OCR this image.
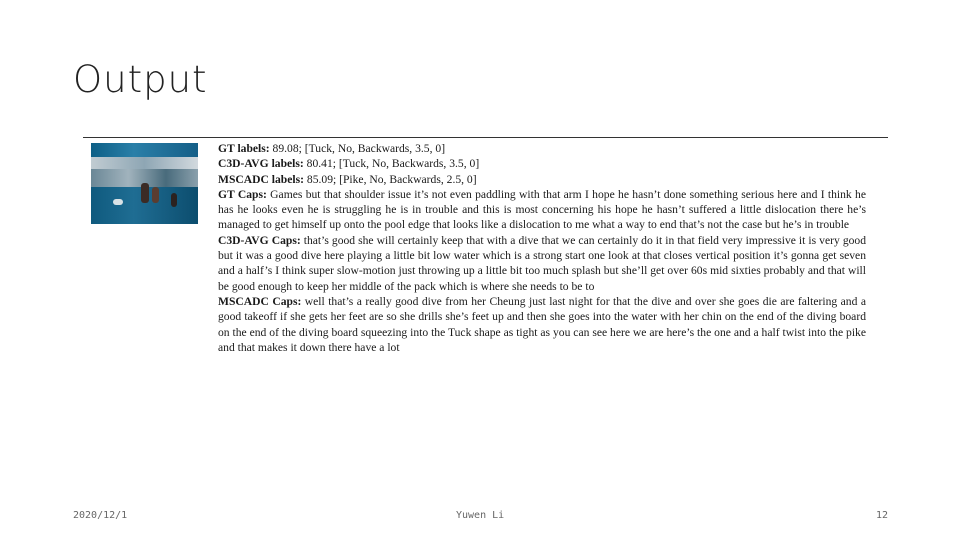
Output

GT labels: 89.08; [Tuck, No, Backwards, 3.5, 0]

C3D-AVG labels: 80.41; [Tuck, No, Backwards, 3.5, 0]

MSCADC labels: 85.09; [Pike, No, Backwards, 2.5, 0]

GT Caps: Games but that shoulder issue it’s not even paddling with that arm I hope he hasn’t done something serious here and I think he has he looks even he is struggling he is in trouble and this is most concerning his hope he hasn’t suffered a little dislocation there he’s managed to get himself up onto the pool edge that looks like a dislocation to me what a way to end that’s not the case but he’s in trouble

C3D-AVG Caps: that’s good she will certainly keep that with a dive that we can certainly do it in that field very impressive it is very good but it was a good dive here playing a little bit low water which is a strong start one look at that closes vertical position it’s gonna get seven and a half’s I think super slow-motion just throwing up a little bit too much splash but she’ll get over 60s mid sixties probably and that will be good enough to keep her middle of the pack which is where she needs to be to

MSCADC Caps: well that’s a really good dive from her Cheung just last night for that the dive and over she goes die are faltering and a good takeoff if she gets her feet are so she drills she’s feet up and then she goes into the water with her chin on the end of the diving board on the end of the diving board squeezing into the Tuck shape as tight as you can see here we are here’s the one and a half twist into the pike and that makes it down there have a lot

2020/12/1	Yuwen Li	12
